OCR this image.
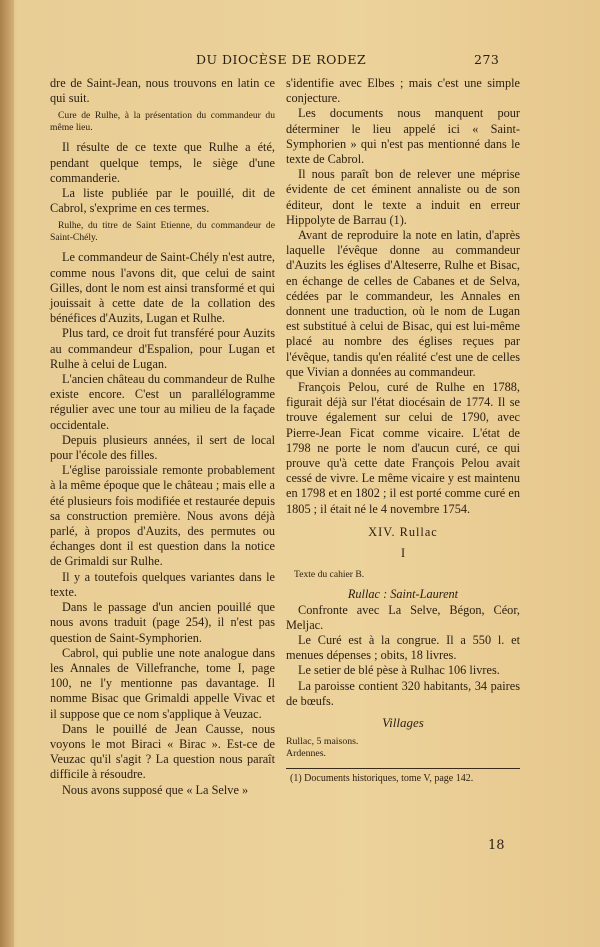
DU DIOCÈSE DE RODEZ	273

dre de Saint-Jean, nous trouvons en latin ce qui suit.

Cure de Rulhe, à la présentation du commandeur du même lieu.

Il résulte de ce texte que Rulhe a été, pendant quelque temps, le siège d'une commanderie.

La liste publiée par le pouillé, dit de Cabrol, s'exprime en ces termes.

Rulhe, du titre de Saint Etienne, du commandeur de Saint-Chély.

Le commandeur de Saint-Chély n'est autre, comme nous l'avons dit, que celui de saint Gilles, dont le nom est ainsi transformé et qui jouissait à cette date de la collation des bénéfices d'Auzits, Lugan et Rulhe.

Plus tard, ce droit fut transféré pour Auzits au commandeur d'Espalion, pour Lugan et Rulhe à celui de Lugan.

L'ancien château du commandeur de Rulhe existe encore. C'est un parallélogramme régulier avec une tour au milieu de la façade occidentale.

Depuis plusieurs années, il sert de local pour l'école des filles.

L'église paroissiale remonte probablement à la même époque que le château ; mais elle a été plusieurs fois modifiée et restaurée depuis sa construction première. Nous avons déjà parlé, à propos d'Auzits, des permutes ou échanges dont il est question dans la notice de Grimaldi sur Rulhe.

Il y a toutefois quelques variantes dans le texte.

Dans le passage d'un ancien pouillé que nous avons traduit (page 254), il n'est pas question de Saint-Symphorien.

Cabrol, qui publie une note analogue dans les Annales de Villefranche, tome I, page 100, ne l'y mentionne pas davantage. Il nomme Bisac que Grimaldi appelle Vivac et il suppose que ce nom s'applique à Veuzac.

Dans le pouillé de Jean Causse, nous voyons le mot Biraci « Birac ». Est-ce de Veuzac qu'il s'agit ? La question nous paraît difficile à résoudre.

Nous avons supposé que « La Selve »

s'identifie avec Elbes ; mais c'est une simple conjecture.

Les documents nous manquent pour déterminer le lieu appelé ici « Saint-Symphorien » qui n'est pas mentionné dans le texte de Cabrol.

Il nous paraît bon de relever une méprise évidente de cet éminent annaliste ou de son éditeur, dont le texte a induit en erreur Hippolyte de Barrau (1).

Avant de reproduire la note en latin, d'après laquelle l'évêque donne au commandeur d'Auzits les églises d'Alteserre, Rulhe et Bisac, en échange de celles de Cabanes et de Selva, cédées par le commandeur, les Annales en donnent une traduction, où le nom de Lugan est substitué à celui de Bisac, qui est lui-même placé au nombre des églises reçues par l'évêque, tandis qu'en réalité c'est une de celles que Vivian a données au commandeur.

François Pelou, curé de Rulhe en 1788, figurait déjà sur l'état diocésain de 1774. Il se trouve également sur celui de 1790, avec Pierre-Jean Ficat comme vicaire. L'état de 1798 ne porte le nom d'aucun curé, ce qui prouve qu'à cette date François Pelou avait cessé de vivre. Le même vicaire y est maintenu en 1798 et en 1802 ; il est porté comme curé en 1805 ; il était né le 4 novembre 1754.

XIV. Rullac

I

Texte du cahier B.

Rullac : Saint-Laurent

Confronte avec La Selve, Bégon, Céor, Meljac.

Le Curé est à la congrue. Il a 550 l. et menues dépenses ; obits, 18 livres.

Le setier de blé pèse à Rulhac 106 livres.

La paroisse contient 320 habitants, 34 paires de bœufs.

Villages

Rullac, 5 maisons.

Ardennes.

(1) Documents historiques, tome V, page 142.

18
